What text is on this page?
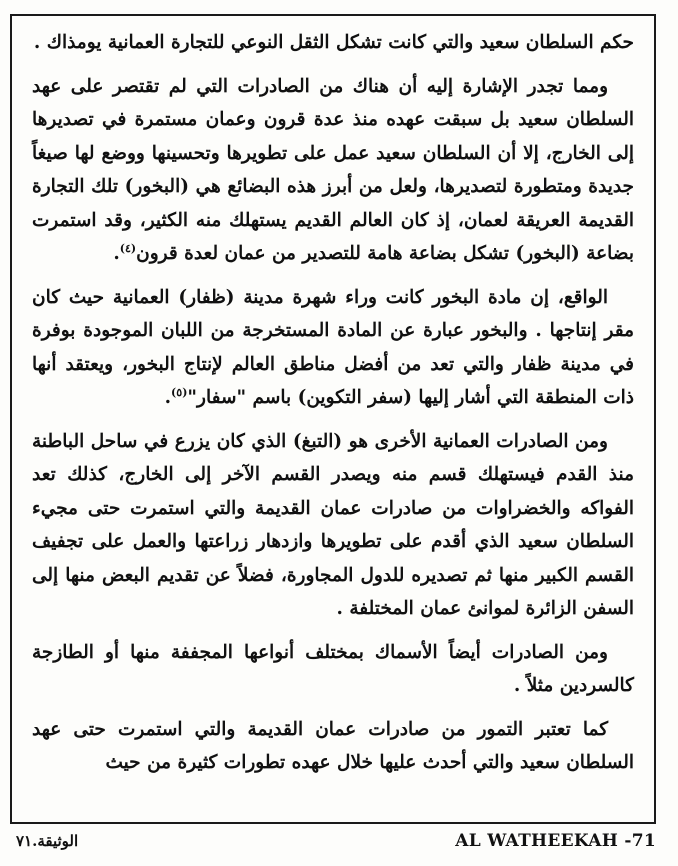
حكم السلطان سعيد والتي كانت تشكل الثقل النوعي للتجارة العمانية يومذاك .

ومما تجدر الإشارة إليه أن هناك من الصادرات التي لم تقتصر على عهد السلطان سعيد بل سبقت عهده منذ عدة قرون وعمان مستمرة في تصديرها إلى الخارج، إلا أن السلطان سعيد عمل على تطويرها وتحسينها ووضع لها صيغاً جديدة ومتطورة لتصديرها، ولعل من أبرز هذه البضائع هي (البخور) تلك التجارة القديمة العريقة لعمان، إذ كان العالم القديم يستهلك منه الكثير، وقد استمرت بضاعة (البخور) تشكل بضاعة هامة للتصدير من عمان لعدة قرون$^{(٤)}$.

الواقع، إن مادة البخور كانت وراء شهرة مدينة (ظفار) العمانية حيث كان مقر إنتاجها . والبخور عبارة عن المادة المستخرجة من اللبان الموجودة بوفرة في مدينة ظفار والتي تعد من أفضل مناطق العالم لإنتاج البخور، ويعتقد أنها ذات المنطقة التي أشار إليها (سفر التكوين) باسم "سفار"$^{(٥)}$.

ومن الصادرات العمانية الأخرى هو (التبغ) الذي كان يزرع في ساحل الباطنة منذ القدم فيستهلك قسم منه ويصدر القسم الآخر إلى الخارج، كذلك تعد الفواكه والخضراوات من صادرات عمان القديمة والتي استمرت حتى مجيء السلطان سعيد الذي أقدم على تطويرها وازدهار زراعتها والعمل على تجفيف القسم الكبير منها ثم تصديره للدول المجاورة، فضلاً عن تقديم البعض منها إلى السفن الزائرة لموانئ عمان المختلفة .

ومن الصادرات أيضاً الأسماك بمختلف أنواعها المجففة منها أو الطازجة كالسردين مثلاً .

كما تعتبر التمور من صادرات عمان القديمة والتي استمرت حتى عهد السلطان سعيد والتي أحدث عليها خلال عهده تطورات كثيرة من حيث

الوثيقة.٧١	AL WATHEEKAH -71
